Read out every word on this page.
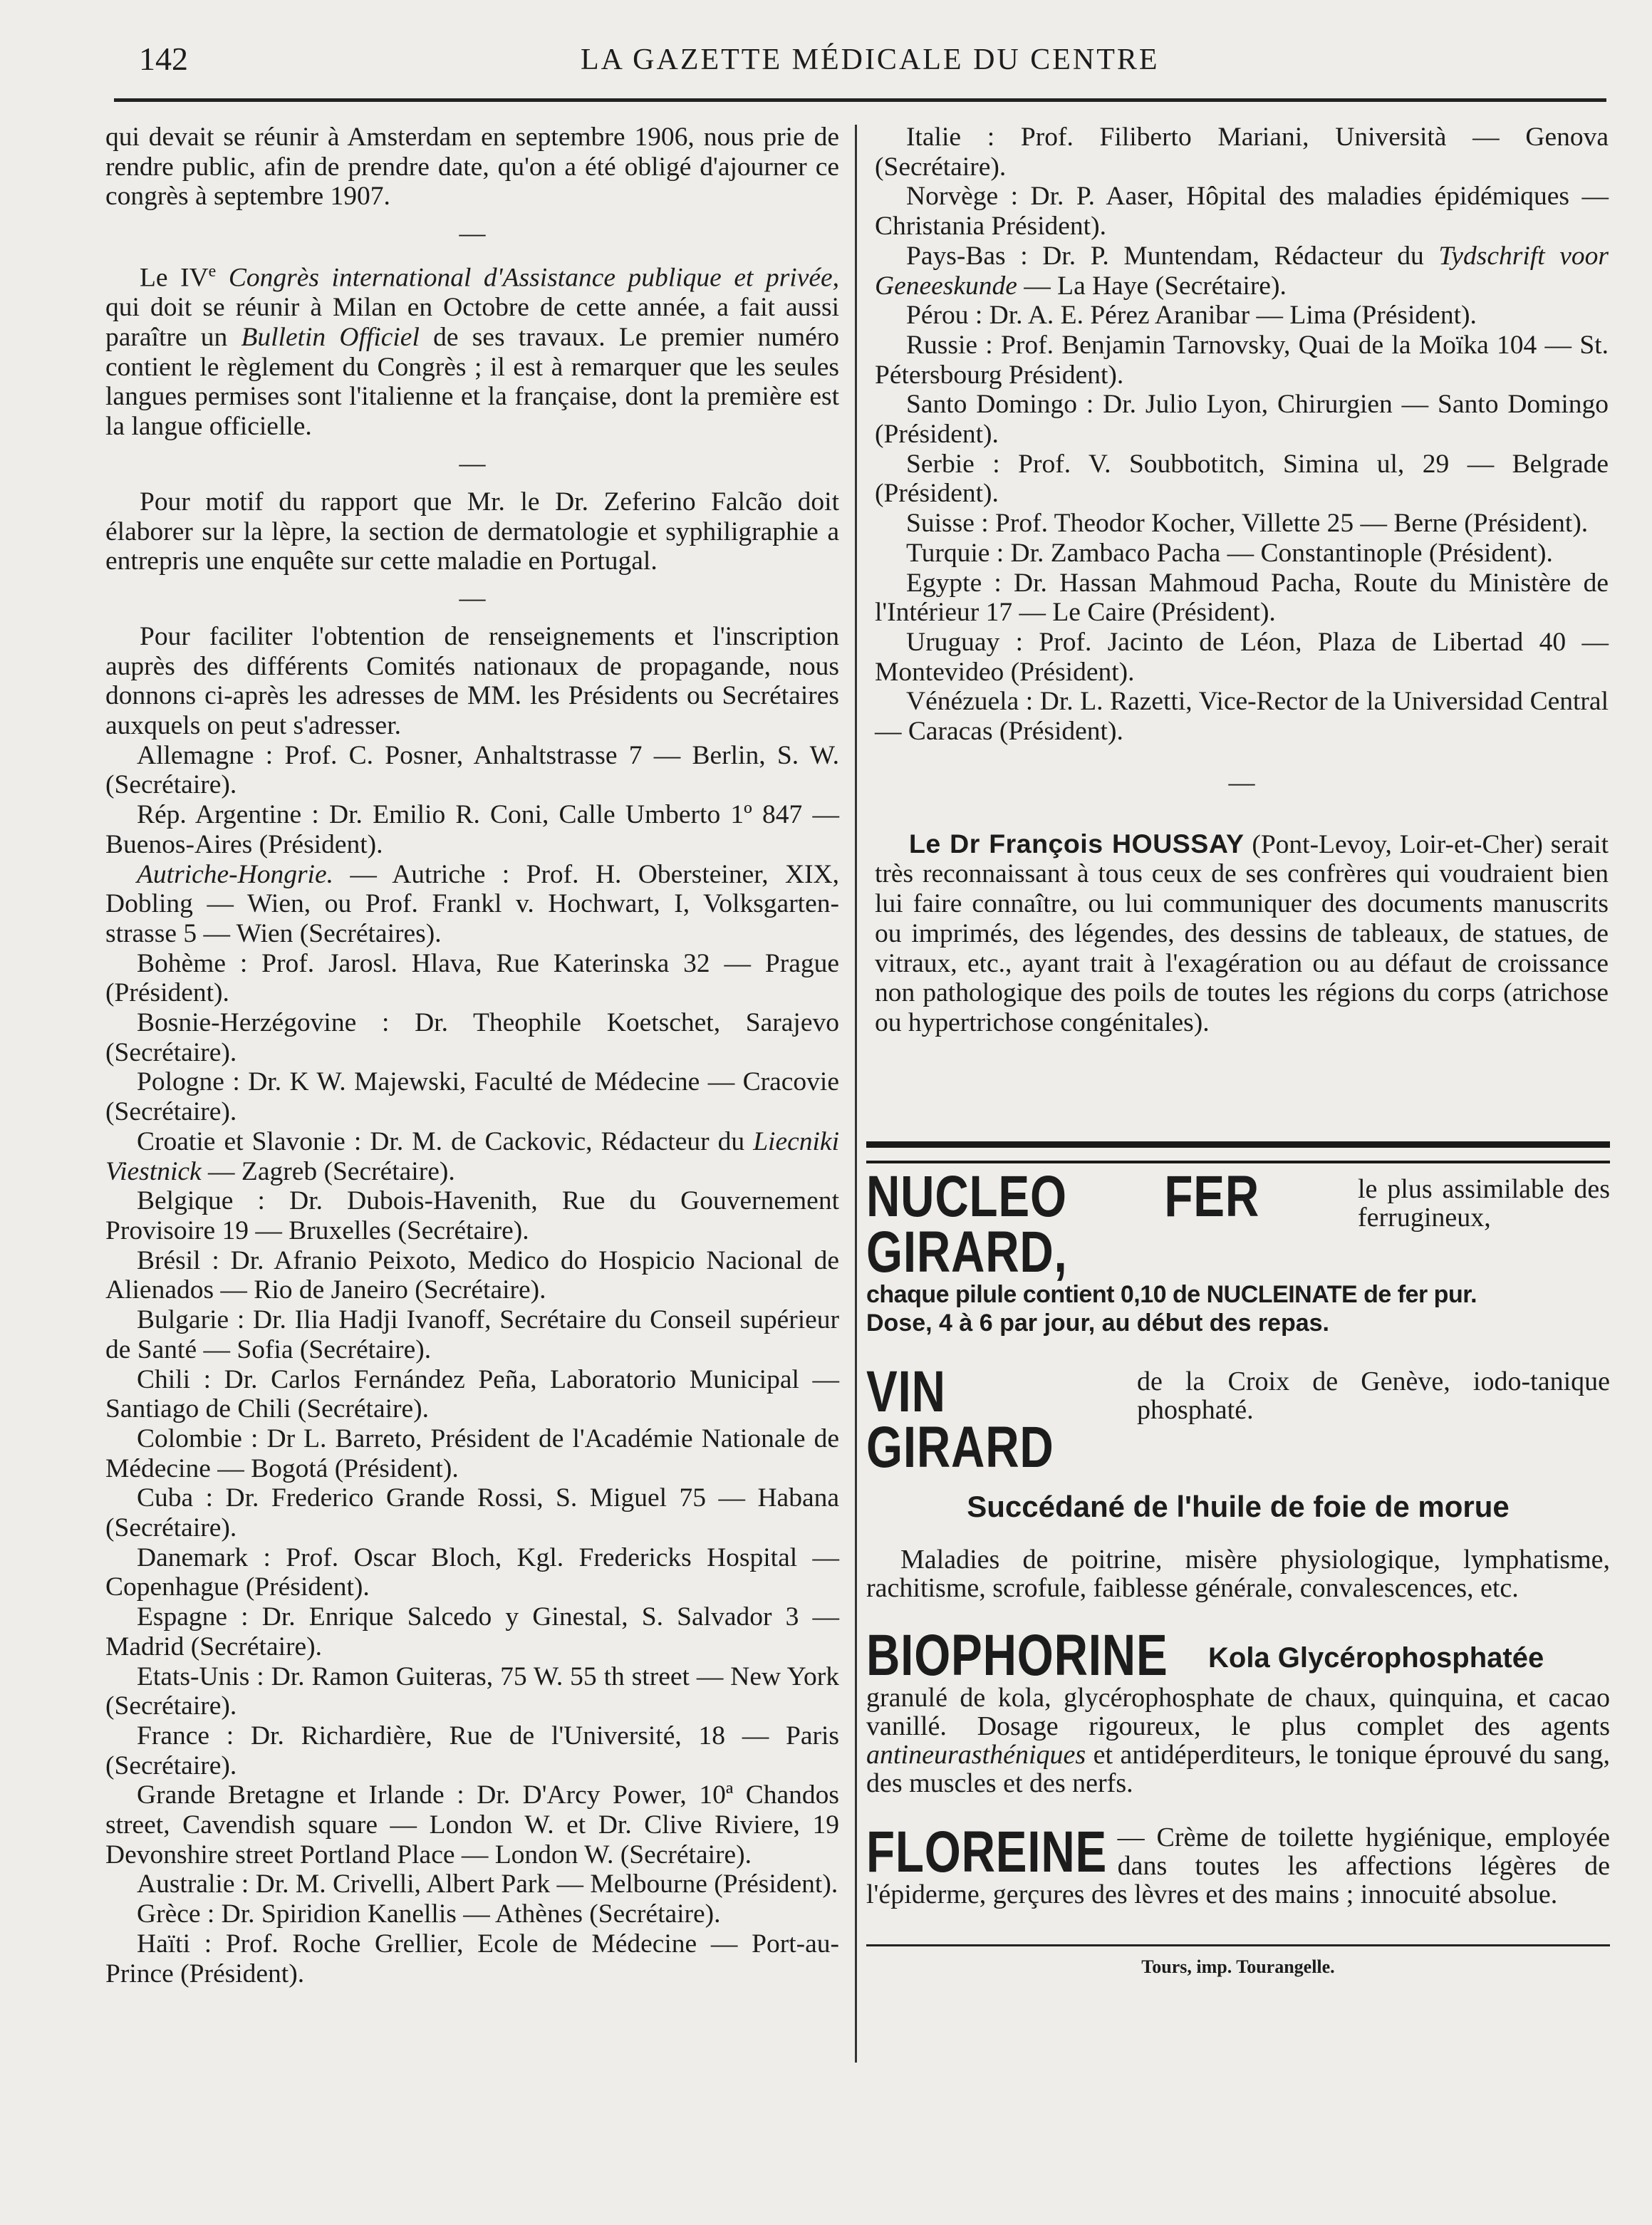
142	LA GAZETTE MÉDICALE DU CENTRE

qui devait se réunir à Amsterdam en septembre 1906, nous prie de rendre public, afin de prendre date, qu'on a été obligé d'ajourner ce congrès à septembre 1907.

—

Le IVe Congrès international d'Assistance publique et privée, qui doit se réunir à Milan en Octobre de cette année, a fait aussi paraître un Bulletin Officiel de ses travaux. Le premier numéro contient le règlement du Congrès ; il est à remarquer que les seules langues permises sont l'italienne et la française, dont la première est la langue officielle.

—

Pour motif du rapport que Mr. le Dr. Zeferino Falcão doit élaborer sur la lèpre, la section de dermatologie et syphiligraphie a entrepris une enquête sur cette maladie en Portugal.

—

Pour faciliter l'obtention de renseignements et l'inscription auprès des différents Comités nationaux de propagande, nous donnons ci-après les adresses de MM. les Présidents ou Secrétaires auxquels on peut s'adresser.

Allemagne : Prof. C. Posner, Anhaltstrasse 7 — Berlin, S. W. (Secrétaire).

Rép. Argentine : Dr. Emilio R. Coni, Calle Umberto 1º 847 — Buenos-Aires (Président).

Autriche-Hongrie. — Autriche : Prof. H. Obersteiner, XIX, Dobling — Wien, ou Prof. Frankl v. Hochwart, I, Volksgarten-strasse 5 — Wien (Secrétaires).

Bohème : Prof. Jarosl. Hlava, Rue Katerinska 32 — Prague (Président).

Bosnie-Herzégovine : Dr. Theophile Koetschet, Sarajevo (Secrétaire).

Pologne : Dr. K W. Majewski, Faculté de Médecine — Cracovie (Secrétaire).

Croatie et Slavonie : Dr. M. de Cackovic, Rédacteur du Liecniki Viestnick — Zagreb (Secrétaire).

Belgique : Dr. Dubois-Havenith, Rue du Gouvernement Provisoire 19 — Bruxelles (Secrétaire).

Brésil : Dr. Afranio Peixoto, Medico do Hospicio Nacional de Alienados — Rio de Janeiro (Secrétaire).

Bulgarie : Dr. Ilia Hadji Ivanoff, Secrétaire du Conseil supérieur de Santé — Sofia (Secrétaire).

Chili : Dr. Carlos Fernández Peña, Laboratorio Municipal — Santiago de Chili (Secrétaire).

Colombie : Dr L. Barreto, Président de l'Académie Nationale de Médecine — Bogotá (Président).

Cuba : Dr. Frederico Grande Rossi, S. Miguel 75 — Habana (Secrétaire).

Danemark : Prof. Oscar Bloch, Kgl. Fredericks Hospital — Copenhague (Président).

Espagne : Dr. Enrique Salcedo y Ginestal, S. Salvador 3 — Madrid (Secrétaire).

Etats-Unis : Dr. Ramon Guiteras, 75 W. 55 th street — New York (Secrétaire).

France : Dr. Richardière, Rue de l'Université, 18 — Paris (Secrétaire).

Grande Bretagne et Irlande : Dr. D'Arcy Power, 10ª Chandos street, Cavendish square — London W. et Dr. Clive Riviere, 19 Devonshire street Portland Place — London W. (Secrétaire).

Australie : Dr. M. Crivelli, Albert Park — Melbourne (Président).

Grèce : Dr. Spiridion Kanellis — Athènes (Secrétaire).

Haïti : Prof. Roche Grellier, Ecole de Médecine — Port-au-Prince (Président).

Italie : Prof. Filiberto Mariani, Università — Genova (Secrétaire).

Norvège : Dr. P. Aaser, Hôpital des maladies épidémiques — Christania Président).

Pays-Bas : Dr. P. Muntendam, Rédacteur du Tydschrift voor Geneeskunde — La Haye (Secrétaire).

Pérou : Dr. A. E. Pérez Aranibar — Lima (Président).

Russie : Prof. Benjamin Tarnovsky, Quai de la Moïka 104 — St. Pétersbourg Président).

Santo Domingo : Dr. Julio Lyon, Chirurgien — Santo Domingo (Président).

Serbie : Prof. V. Soubbotitch, Simina ul, 29 — Belgrade (Président).

Suisse : Prof. Theodor Kocher, Villette 25 — Berne (Président).

Turquie : Dr. Zambaco Pacha — Constantinople (Président).

Egypte : Dr. Hassan Mahmoud Pacha, Route du Ministère de l'Intérieur 17 — Le Caire (Président).

Uruguay : Prof. Jacinto de Léon, Plaza de Libertad 40 — Montevideo (Président).

Vénézuela : Dr. L. Razetti, Vice-Rector de la Universidad Central — Caracas (Président).

—

Le Dr François HOUSSAY (Pont-Levoy, Loir-et-Cher) serait très reconnaissant à tous ceux de ses confrères qui voudraient bien lui faire connaître, ou lui communiquer des documents manuscrits ou imprimés, des légendes, des dessins de tableaux, de statues, de vitraux, etc., ayant trait à l'exagération ou au défaut de croissance non pathologique des poils de toutes les régions du corps (atrichose ou hypertrichose congénitales).

NUCLEO FER GIRARD,
le plus assimilable des ferrugineux,
chaque pilule contient 0,10 de NUCLEINATE de fer pur.
Dose, 4 à 6 par jour, au début des repas.
VIN GIRARD
de la Croix de Genève, iodo-tanique phosphaté.
Succédané de l'huile de foie de morue
Maladies de poitrine, misère physiologique, lymphatisme, rachitisme, scrofule, faiblesse générale, convalescences, etc.
BIOPHORINE	Kola Glycérophosphatée
granulé de kola, glycérophosphate de chaux, quinquina, et cacao vanillé. Dosage rigoureux, le plus complet des agents antineurasthéniques et antidéperditeurs, le tonique éprouvé du sang, des muscles et des nerfs.
FLOREINE — Crème de toilette hygiénique, employée dans toutes les affections légères de l'épiderme, gerçures des lèvres et des mains ; innocuité absolue.
Tours, imp. Tourangelle.
